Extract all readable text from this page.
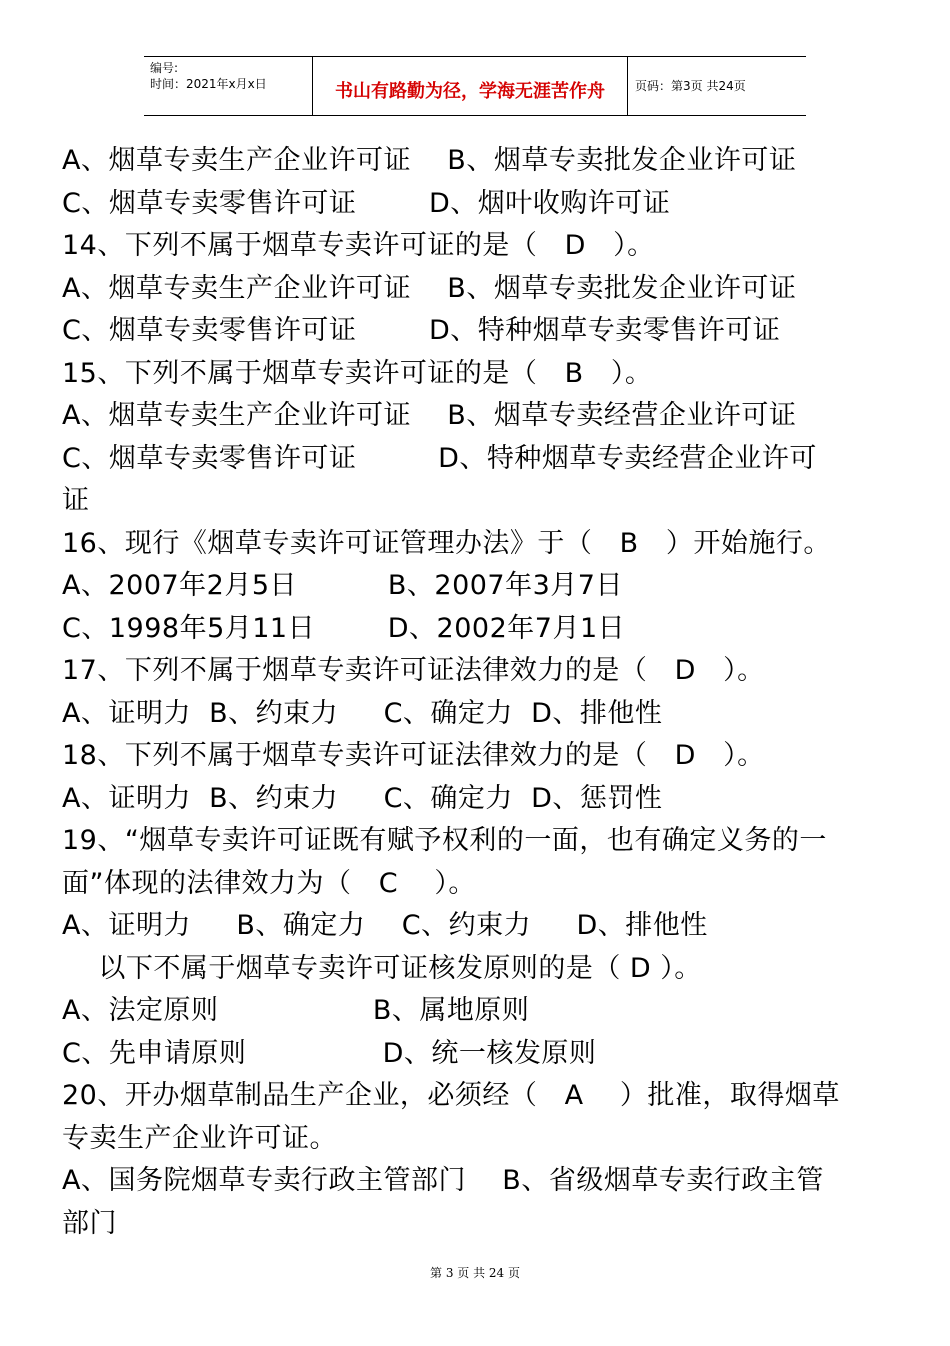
编号:
时间：2021年x月x日	书山有路勤为径，学海无涯苦作舟	页码：第3页 共24页
A、烟草专卖生产企业许可证    B、烟草专卖批发企业许可证
C、烟草专卖零售许可证        D、烟叶收购许可证
14、下列不属于烟草专卖许可证的是（   D   ）。
A、烟草专卖生产企业许可证    B、烟草专卖批发企业许可证
C、烟草专卖零售许可证        D、特种烟草专卖零售许可证
15、下列不属于烟草专卖许可证的是（   B   ）。
A、烟草专卖生产企业许可证    B、烟草专卖经营企业许可证
C、烟草专卖零售许可证         D、特种烟草专卖经营企业许可
证
16、现行《烟草专卖许可证管理办法》于（   B   ）开始施行。
A、2007年2月5日          B、2007年3月7日
C、1998年5月11日        D、2002年7月1日
17、下列不属于烟草专卖许可证法律效力的是（   D   ）。
A、证明力  B、约束力     C、确定力  D、排他性
18、下列不属于烟草专卖许可证法律效力的是（   D   ）。
A、证明力  B、约束力     C、确定力  D、惩罚性
19、“烟草专卖许可证既有赋予权利的一面，也有确定义务的一
面”体现的法律效力为（   C    ）。
A、证明力     B、确定力    C、约束力     D、排他性
以下不属于烟草专卖许可证核发原则的是（ D ）。
A、法定原则                 B、属地原则
C、先申请原则               D、统一核发原则
20、开办烟草制品生产企业，必须经（   A    ）批准，取得烟草
专卖生产企业许可证。
A、国务院烟草专卖行政主管部门    B、省级烟草专卖行政主管
部门
第 3 页 共 24 页
